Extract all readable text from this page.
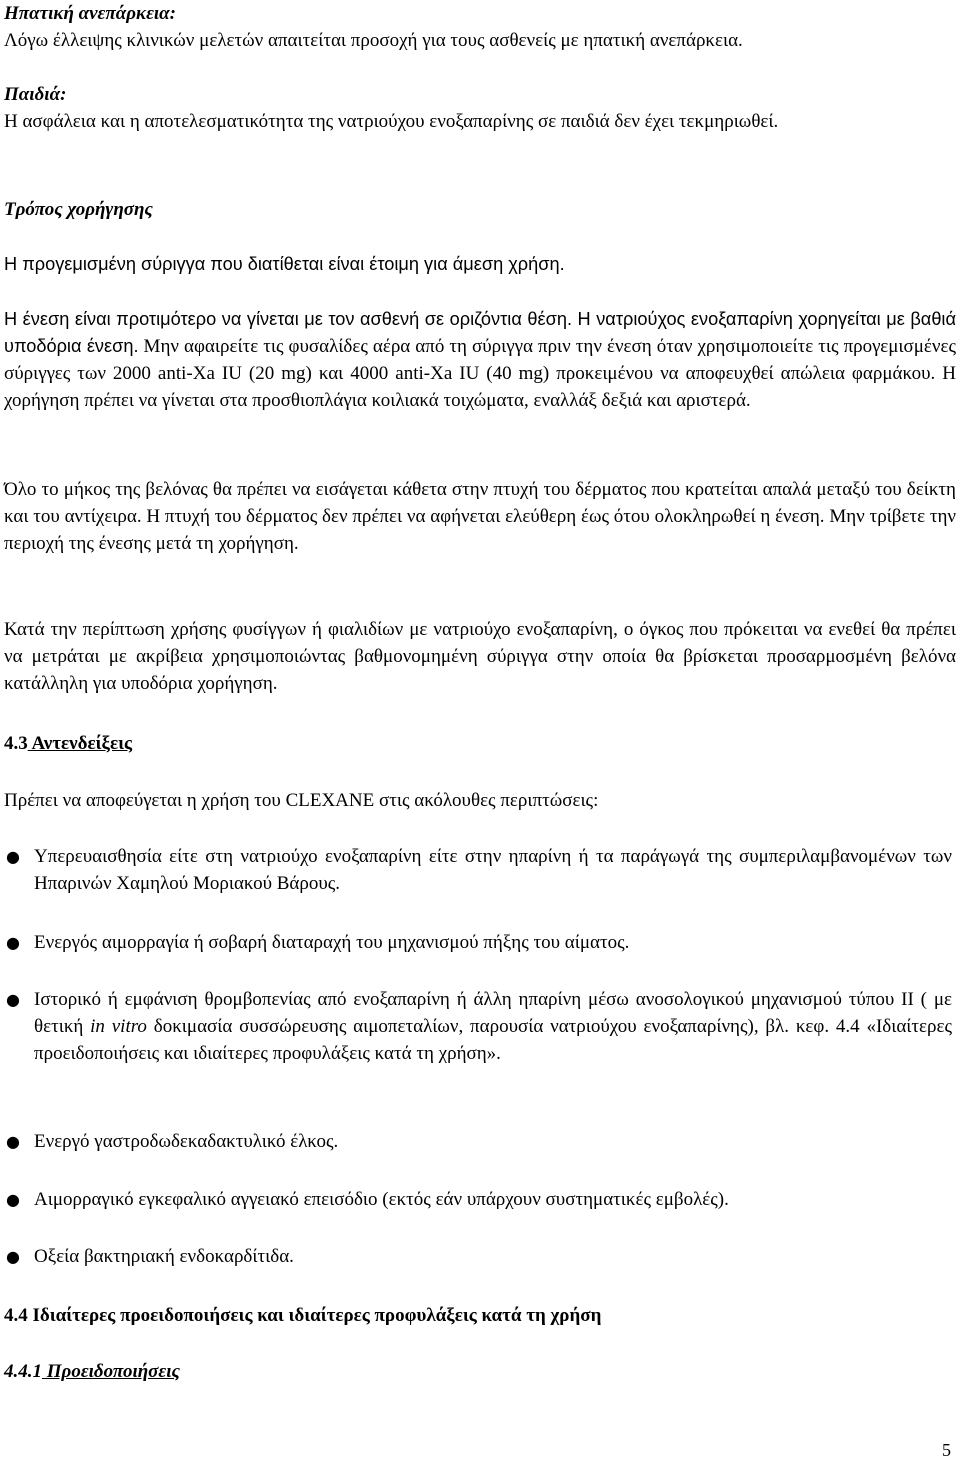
Ηπατική ανεπάρκεια:
Λόγω έλλειψης κλινικών μελετών απαιτείται προσοχή για τους ασθενείς με ηπατική ανεπάρκεια.
Παιδιά:
Η ασφάλεια και η αποτελεσματικότητα της νατριούχου ενοξαπαρίνης σε παιδιά δεν έχει τεκμηριωθεί.
Τρόπος χορήγησης
Η προγεμισμένη σύριγγα που διατίθεται είναι έτοιμη για άμεση χρήση.
Η ένεση είναι προτιμότερο να γίνεται με τον ασθενή σε οριζόντια θέση. Η νατριούχος ενοξαπαρίνη χορηγείται με βαθιά υποδόρια ένεση. Μην αφαιρείτε τις φυσαλίδες αέρα από τη σύριγγα πριν την ένεση όταν χρησιμοποιείτε τις προγεμισμένες σύριγγες των 2000 anti-Xa IU (20 mg) και 4000 anti-Xa IU (40 mg) προκειμένου να αποφευχθεί απώλεια φαρμάκου. Η χορήγηση πρέπει να γίνεται στα προσθιοπλάγια κοιλιακά τοιχώματα, εναλλάξ δεξιά και αριστερά.
Όλο το μήκος της βελόνας θα πρέπει να εισάγεται κάθετα στην πτυχή του δέρματος που κρατείται απαλά μεταξύ του δείκτη και του αντίχειρα. Η πτυχή του δέρματος δεν πρέπει να αφήνεται ελεύθερη έως ότου ολοκληρωθεί η ένεση. Μην τρίβετε την περιοχή της ένεσης μετά τη χορήγηση.
Κατά την περίπτωση χρήσης φυσίγγων ή φιαλιδίων με νατριούχο ενοξαπαρίνη, ο όγκος που πρόκειται να ενεθεί θα πρέπει να μετράται με ακρίβεια χρησιμοποιώντας βαθμονομημένη σύριγγα στην οποία θα βρίσκεται προσαρμοσμένη βελόνα κατάλληλη για υποδόρια χορήγηση.
4.3 Αντενδείξεις
Πρέπει να αποφεύγεται η χρήση του CLEXANE στις ακόλουθες περιπτώσεις:
● Υπερευαισθησία είτε στη νατριούχο ενοξαπαρίνη είτε στην ηπαρίνη ή τα παράγωγά της συμπεριλαμβανομένων των Ηπαρινών Χαμηλού Μοριακού Βάρους.
● Ενεργός αιμορραγία ή σοβαρή διαταραχή του μηχανισμού πήξης του αίματος.
● Ιστορικό ή εμφάνιση θρομβοπενίας από ενοξαπαρίνη ή άλλη ηπαρίνη μέσω ανοσολογικού μηχανισμού τύπου II ( με θετική in vitro δοκιμασία συσσώρευσης αιμοπεταλίων, παρουσία νατριούχου ενοξαπαρίνης), βλ. κεφ. 4.4 «Ιδιαίτερες προειδοποιήσεις και ιδιαίτερες προφυλάξεις κατά τη χρήση».
● Ενεργό γαστροδωδεκαδακτυλικό έλκος.
● Αιμορραγικό εγκεφαλικό αγγειακό επεισόδιο (εκτός εάν υπάρχουν συστηματικές εμβολές).
● Οξεία βακτηριακή ενδοκαρδίτιδα.
4.4 Ιδιαίτερες προειδοποιήσεις και ιδιαίτερες προφυλάξεις κατά τη χρήση
4.4.1 Προειδοποιήσεις
5
